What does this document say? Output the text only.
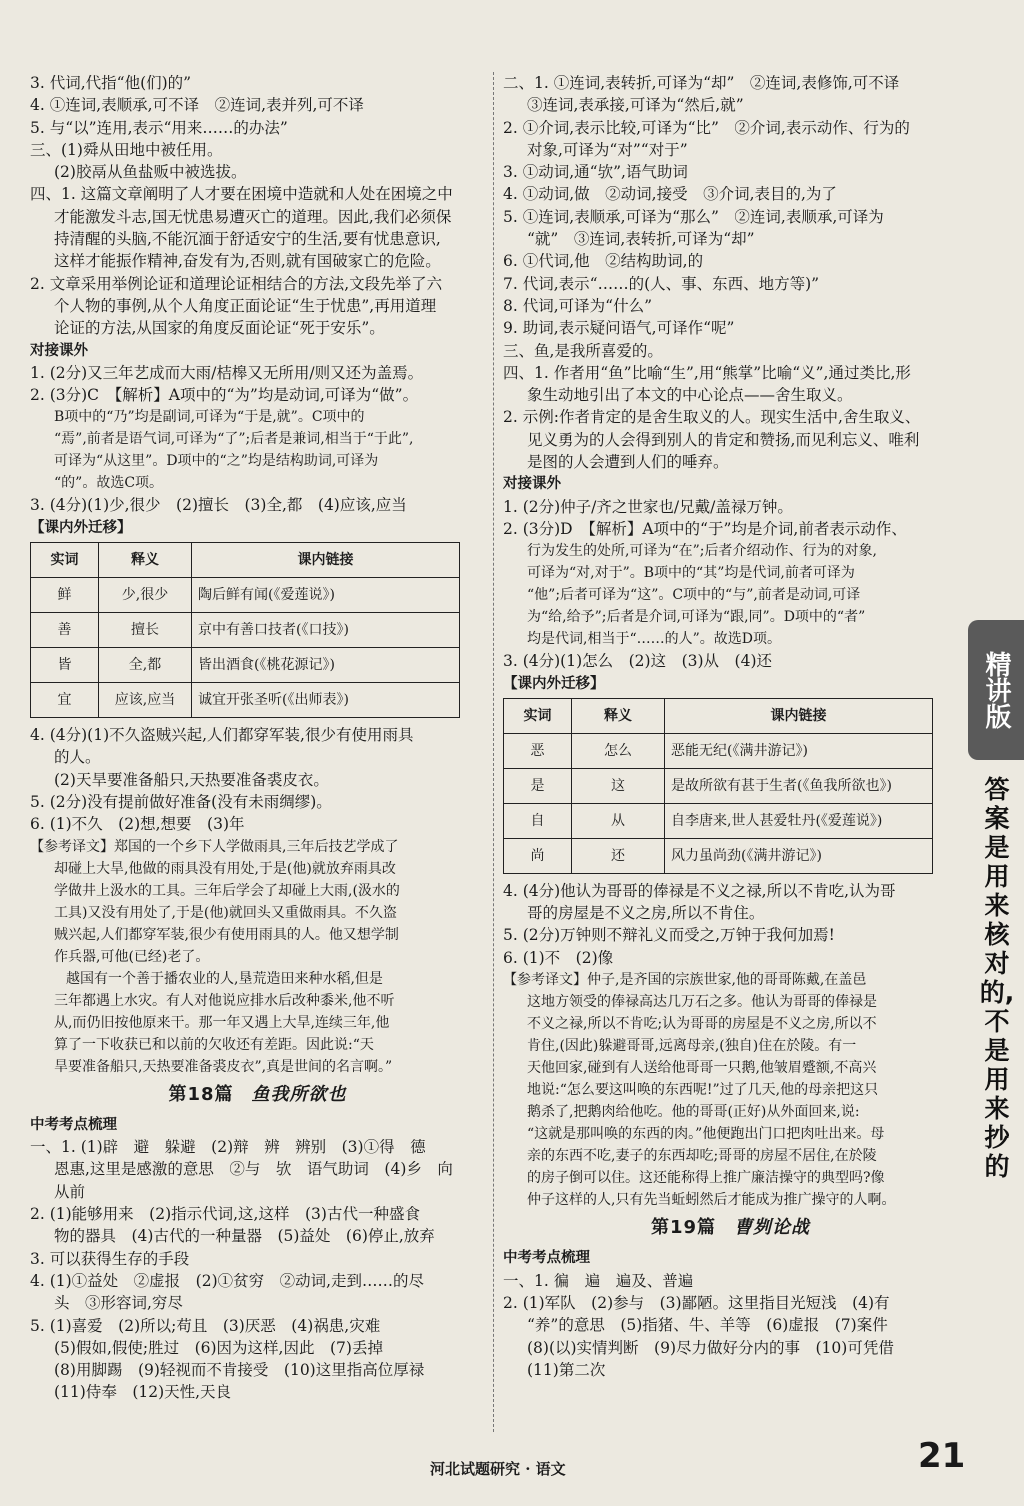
3. 代词,代指“他(们)的”
4. ①连词,表顺承,可不译　②连词,表并列,可不译
5. 与“以”连用,表示“用来……的办法”
三、(1)舜从田地中被任用。
(2)胶鬲从鱼盐贩中被选拔。
四、1. 这篇文章阐明了人才要在困境中造就和人处在困境之中
才能激发斗志,国无忧患易遭灭亡的道理。因此,我们必须保
持清醒的头脑,不能沉湎于舒适安宁的生活,要有忧患意识,
这样才能振作精神,奋发有为,否则,就有国破家亡的危险。
2. 文章采用举例论证和道理论证相结合的方法,文段先举了六
个人物的事例,从个人角度正面论证“生于忧患”,再用道理
论证的方法,从国家的角度反面论证“死于安乐”。
对接课外
1. (2分)又三年艺成而大雨/桔槔又无所用/则又还为盖焉。
2. (3分)C　【解析】A项中的“为”均是动词,可译为“做”。
B项中的“乃”均是副词,可译为“于是,就”。C项中的
“焉”,前者是语气词,可译为“了”;后者是兼词,相当于“于此”,
可译为“从这里”。D项中的“之”均是结构助词,可译为
“的”。故选C项。
3. (4分)(1)少,很少　(2)擅长　(3)全,都　(4)应该,应当
【课内外迁移】
实词	释义	课内链接
鲜	少,很少	陶后鲜有闻(《爱莲说》)
善	擅长	京中有善口技者(《口技》)
皆	全,都	皆出酒食(《桃花源记》)
宜	应该,应当	诚宜开张圣听(《出师表》)
4. (4分)(1)不久盗贼兴起,人们都穿军装,很少有使用雨具
的人。
(2)天旱要准备船只,天热要准备裘皮衣。
5. (2分)没有提前做好准备(没有未雨绸缪)。
6. (1)不久　(2)想,想要　(3)年
【参考译文】郑国的一个乡下人学做雨具,三年后技艺学成了
却碰上大旱,他做的雨具没有用处,于是(他)就放弃雨具改
学做井上汲水的工具。三年后学会了却碰上大雨,(汲水的
工具)又没有用处了,于是(他)就回头又重做雨具。不久盗
贼兴起,人们都穿军装,很少有使用雨具的人。他又想学制
作兵器,可他(已经)老了。
越国有一个善于播农业的人,垦荒造田来种水稻,但是
三年都遇上水灾。有人对他说应排水后改种黍米,他不听
从,而仍旧按他原来干。那一年又遇上大旱,连续三年,他
算了一下收获已和以前的欠收还有差距。因此说:“天
旱要准备船只,天热要准备裘皮衣”,真是世间的名言啊。”
第18篇 鱼我所欲也
中考考点梳理
一、1. (1)辟　避　躲避　(2)辩　辨　辨别　(3)①得　德
恩惠,这里是感激的意思　②与　欤　语气助词　(4)乡　向
从前
2. (1)能够用来　(2)指示代词,这,这样　(3)古代一种盛食
物的器具　(4)古代的一种量器　(5)益处　(6)停止,放弃
3. 可以获得生存的手段
4. (1)①益处　②虚报　(2)①贫穷　②动词,走到……的尽
头　③形容词,穷尽
5. (1)喜爱　(2)所以;苟且　(3)厌恶　(4)祸患,灾难
(5)假如,假使;胜过　(6)因为这样,因此　(7)丢掉
(8)用脚踢　(9)轻视而不肯接受　(10)这里指高位厚禄
(11)侍奉　(12)天性,天良
二、1. ①连词,表转折,可译为“却”　②连词,表修饰,可不译
③连词,表承接,可译为“然后,就”
2. ①介词,表示比较,可译为“比”　②介词,表示动作、行为的
对象,可译为“对”“对于”
3. ①动词,通“欤”,语气助词
4. ①动词,做　②动词,接受　③介词,表目的,为了
5. ①连词,表顺承,可译为“那么”　②连词,表顺承,可译为
“就”　③连词,表转折,可译为“却”
6. ①代词,他　②结构助词,的
7. 代词,表示“……的(人、事、东西、地方等)”
8. 代词,可译为“什么”
9. 助词,表示疑问语气,可译作“呢”
三、鱼,是我所喜爱的。
四、1. 作者用“鱼”比喻“生”,用“熊掌”比喻“义”,通过类比,形
象生动地引出了本文的中心论点——舍生取义。
2. 示例:作者肯定的是舍生取义的人。现实生活中,舍生取义、
见义勇为的人会得到别人的肯定和赞扬,而见利忘义、唯利
是图的人会遭到人们的唾弃。
对接课外
1. (2分)仲子/齐之世家也/兄戴/盖禄万钟。
2. (3分)D　【解析】A项中的“于”均是介词,前者表示动作、
行为发生的处所,可译为“在”;后者介绍动作、行为的对象,
可译为“对,对于”。B项中的“其”均是代词,前者可译为
“他”;后者可译为“这”。C项中的“与”,前者是动词,可译
为“给,给予”;后者是介词,可译为“跟,同”。D项中的“者”
均是代词,相当于“……的人”。故选D项。
3. (4分)(1)怎么　(2)这　(3)从　(4)还
【课内外迁移】
实词	释义	课内链接
恶	怎么	恶能无纪(《满井游记》)
是	这	是故所欲有甚于生者(《鱼我所欲也》)
自	从	自李唐来,世人甚爱牡丹(《爱莲说》)
尚	还	风力虽尚劲(《满井游记》)
4. (4分)他认为哥哥的俸禄是不义之禄,所以不肯吃,认为哥
哥的房屋是不义之房,所以不肯住。
5. (2分)万钟则不辩礼义而受之,万钟于我何加焉!
6. (1)不　(2)像
【参考译文】仲子,是齐国的宗族世家,他的哥哥陈戴,在盖邑
这地方领受的俸禄高达几万石之多。他认为哥哥的俸禄是
不义之禄,所以不肯吃;认为哥哥的房屋是不义之房,所以不
肯住,(因此)躲避哥哥,远离母亲,(独自)住在於陵。有一
天他回家,碰到有人送给他哥哥一只鹅,他皱眉蹙额,不高兴
地说:“怎么要这叫唤的东西呢!”过了几天,他的母亲把这只
鹅杀了,把鹅肉给他吃。他的哥哥(正好)从外面回来,说:
“这就是那叫唤的东西的肉。”他便跑出门口把肉吐出来。母
亲的东西不吃,妻子的东西却吃;哥哥的房屋不居住,在於陵
的房子倒可以住。这还能称得上推广廉洁操守的典型吗?像
仲子这样的人,只有先当蚯蚓然后才能成为推广操守的人啊。
第19篇 曹刿论战
中考考点梳理
一、1. 徧　遍　遍及、普遍
2. (1)军队　(2)参与　(3)鄙陋。这里指目光短浅　(4)有
“养”的意思　(5)指猪、牛、羊等　(6)虚报　(7)案件
(8)(以)实情判断　(9)尽力做好分内的事　(10)可凭借
(11)第二次
精讲版
答案是用来核对的,不是用来抄的
河北试题研究 · 语文	21
